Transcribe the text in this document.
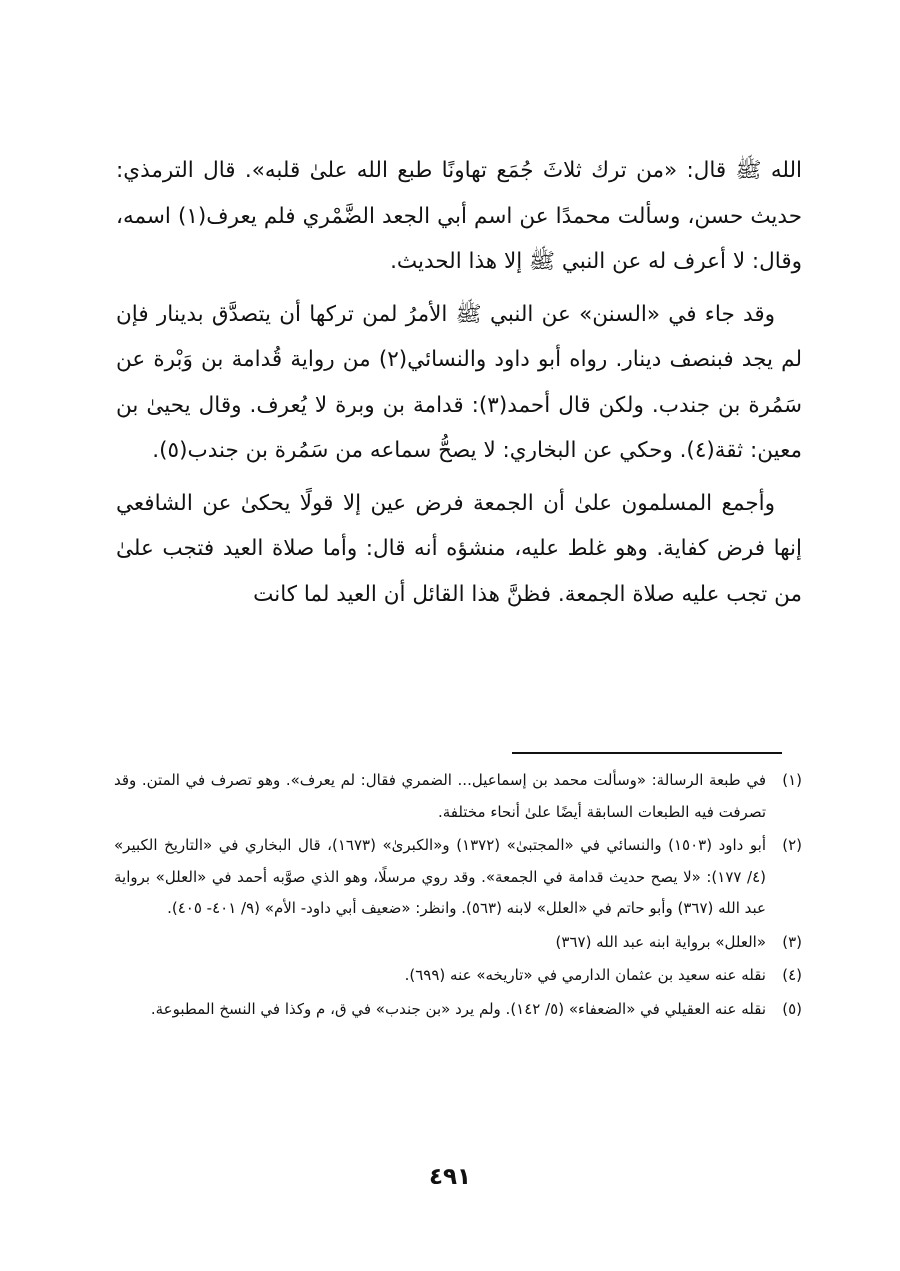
الله ﷺ قال: «من ترك ثلاثَ جُمَع تهاونًا طبع الله علىٰ قلبه». قال الترمذي: حديث حسن، وسألت محمدًا عن اسم أبي الجعد الضَّمْري فلم يعرف(١) اسمه، وقال: لا أعرف له عن النبي ﷺ إلا هذا الحديث.

وقد جاء في «السنن» عن النبي ﷺ الأمرُ لمن تركها أن يتصدَّق بدينار فإن لم يجد فبنصف دينار. رواه أبو داود والنسائي(٢) من رواية قُدامة بن وَبْرة عن سَمُرة بن جندب. ولكن قال أحمد(٣): قدامة بن وبرة لا يُعرف. وقال يحيىٰ بن معين: ثقة(٤). وحكي عن البخاري: لا يصحُّ سماعه من سَمُرة بن جندب(٥).

وأجمع المسلمون علىٰ أن الجمعة فرض عين إلا قولًا يحكىٰ عن الشافعي إنها فرض كفاية. وهو غلط عليه، منشؤه أنه قال: وأما صلاة العيد فتجب علىٰ من تجب عليه صلاة الجمعة. فظنَّ هذا القائل أن العيد لما كانت

(١)
في طبعة الرسالة: «وسألت محمد بن إسماعيل... الضمري فقال: لم يعرف». وهو تصرف في المتن. وقد تصرفت فيه الطبعات السابقة أيضًا علىٰ أنحاء مختلفة.
(٢)
أبو داود (١٥٠٣) والنسائي في «المجتبىٰ» (١٣٧٢) و«الكبرىٰ» (١٦٧٣)، قال البخاري في «التاريخ الكبير» (٤/ ١٧٧): «لا يصح حديث قدامة في الجمعة». وقد روي مرسلًا، وهو الذي صوَّبه أحمد في «العلل» برواية عبد الله (٣٦٧) وأبو حاتم في «العلل» لابنه (٥٦٣). وانظر: «ضعيف أبي داود- الأم» (٩/ ٤٠١- ٤٠٥).
(٣)
«العلل» برواية ابنه عبد الله (٣٦٧)
(٤)
نقله عنه سعيد بن عثمان الدارمي في «تاريخه» عنه (٦٩٩).
(٥)
نقله عنه العقيلي في «الضعفاء» (٥/ ١٤٢). ولم يرد «بن جندب» في ق، م وكذا في النسخ المطبوعة.
٤٩١
